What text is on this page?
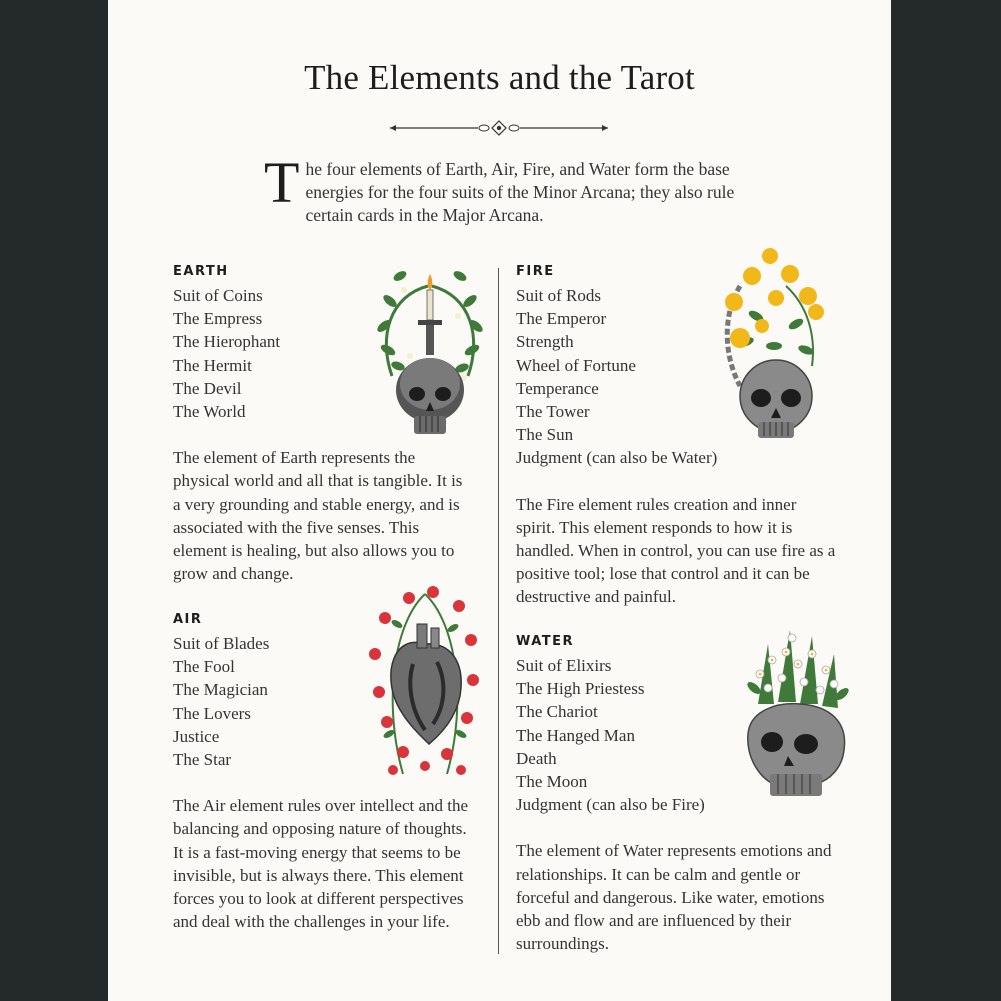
The Elements and the Tarot
The four elements of Earth, Air, Fire, and Water form the base energies for the four suits of the Minor Arcana; they also rule certain cards in the Major Arcana.
EARTH
Suit of Coins
The Empress
The Hierophant
The Hermit
The Devil
The World
The element of Earth represents the physical world and all that is tangible. It is a very grounding and stable energy, and is associated with the five senses. This element is healing, but also allows you to grow and change.
AIR
Suit of Blades
The Fool
The Magician
The Lovers
Justice
The Star
The Air element rules over intellect and the balancing and opposing nature of thoughts. It is a fast-moving energy that seems to be invisible, but is always there. This element forces you to look at different perspectives and deal with the challenges in your life.
FIRE
Suit of Rods
The Emperor
Strength
Wheel of Fortune
Temperance
The Tower
The Sun
Judgment (can also be Water)
The Fire element rules creation and inner spirit. This element responds to how it is handled. When in control, you can use fire as a positive tool; lose that control and it can be destructive and painful.
WATER
Suit of Elixirs
The High Priestess
The Chariot
The Hanged Man
Death
The Moon
Judgment (can also be Fire)
The element of Water represents emotions and relationships. It can be calm and gentle or forceful and dangerous. Like water, emotions ebb and flow and are influenced by their surroundings.
